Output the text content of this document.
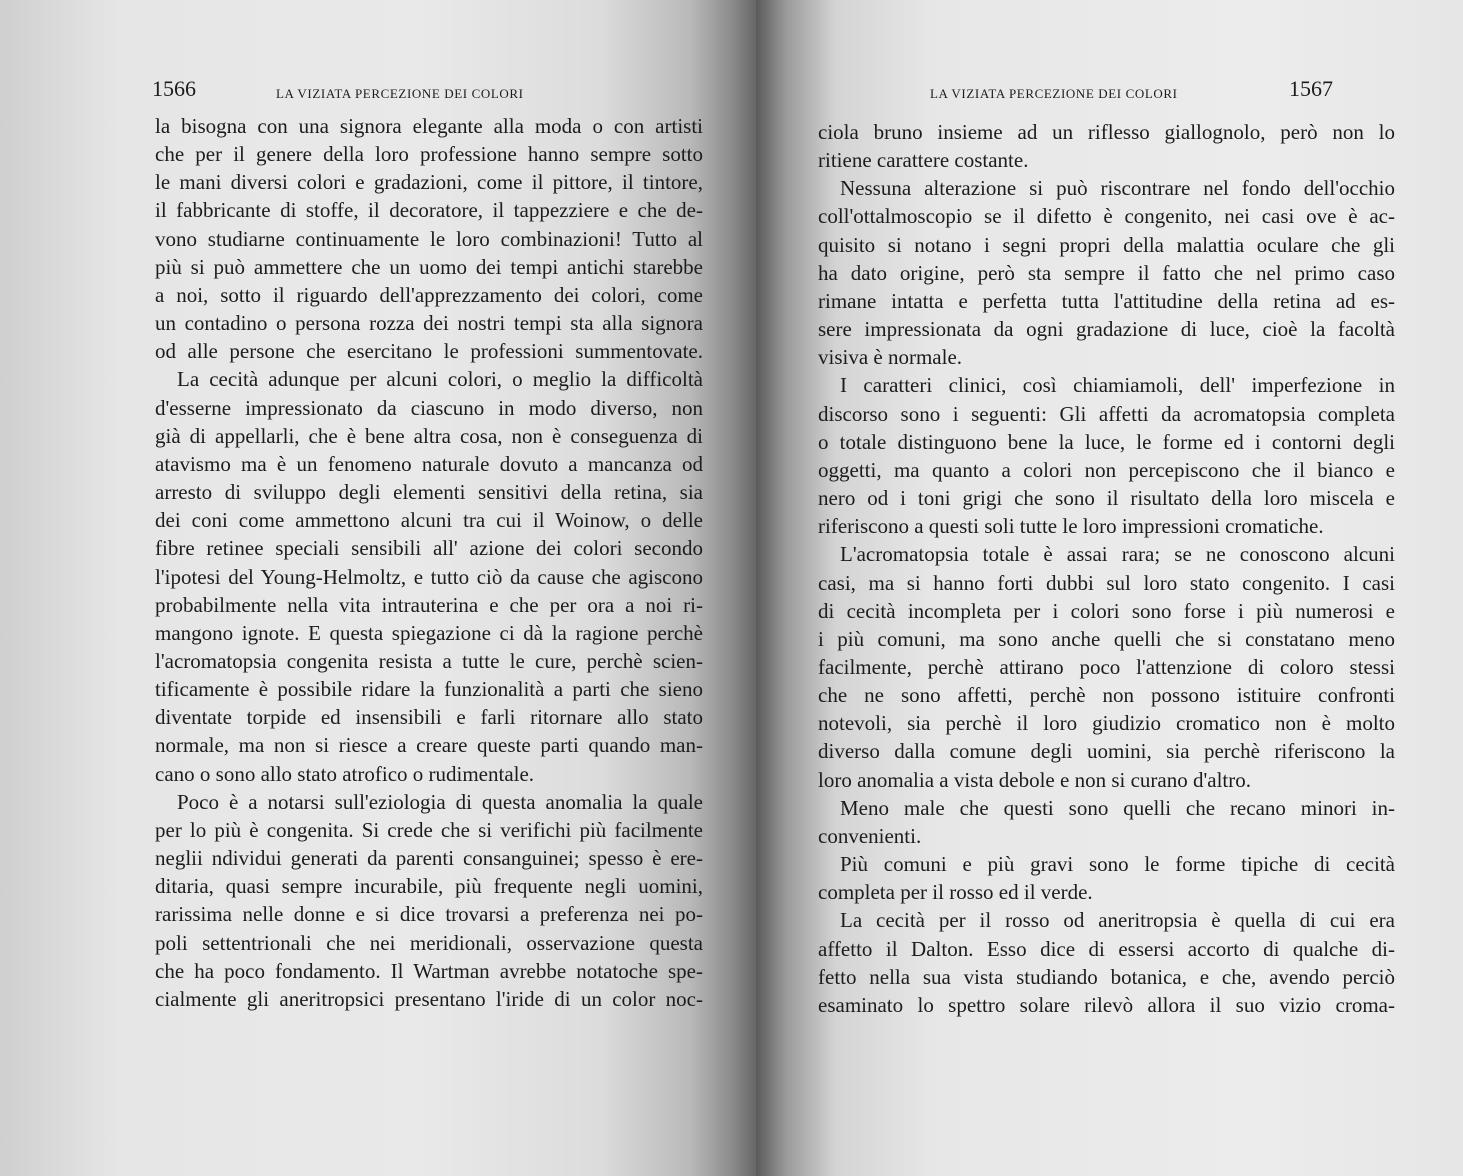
1566	LA VIZIATA PERCEZIONE DEI COLORI
la bisogna con una signora elegante alla moda o con artisti
che per il genere della loro professione hanno sempre sotto
le mani diversi colori e gradazioni, come il pittore, il tintore,
il fabbricante di stoffe, il decoratore, il tappezziere e che de-
vono studiarne continuamente le loro combinazioni! Tutto al
più si può ammettere che un uomo dei tempi antichi starebbe
a noi, sotto il riguardo dell'apprezzamento dei colori, come
un contadino o persona rozza dei nostri tempi sta alla signora
od alle persone che esercitano le professioni summentovate.
La cecità adunque per alcuni colori, o meglio la difficoltà
d'esserne impressionato da ciascuno in modo diverso, non
già di appellarli, che è bene altra cosa, non è conseguenza di
atavismo ma è un fenomeno naturale dovuto a mancanza od
arresto di sviluppo degli elementi sensitivi della retina, sia
dei coni come ammettono alcuni tra cui il Woinow, o delle
fibre retinee speciali sensibili all' azione dei colori secondo
l'ipotesi del Young-Helmoltz, e tutto ciò da cause che agiscono
probabilmente nella vita intrauterina e che per ora a noi ri-
mangono ignote. E questa spiegazione ci dà la ragione perchè
l'acromatopsia congenita resista a tutte le cure, perchè scien-
tificamente è possibile ridare la funzionalità a parti che sieno
diventate torpide ed insensibili e farli ritornare allo stato
normale, ma non si riesce a creare queste parti quando man-
cano o sono allo stato atrofico o rudimentale.
Poco è a notarsi sull'eziologia di questa anomalia la quale
per lo più è congenita. Si crede che si verifichi più facilmente
neglii ndividui generati da parenti consanguinei; spesso è ere-
ditaria, quasi sempre incurabile, più frequente negli uomini,
rarissima nelle donne e si dice trovarsi a preferenza nei po-
poli settentrionali che nei meridionali, osservazione questa
che ha poco fondamento. Il Wartman avrebbe notatoche spe-
cialmente gli aneritropsici presentano l'iride di un color noc-
LA VIZIATA PERCEZIONE DEI COLORI	1567
ciola bruno insieme ad un riflesso giallognolo, però non lo
ritiene carattere costante.
Nessuna alterazione si può riscontrare nel fondo dell'occhio
coll'ottalmoscopio se il difetto è congenito, nei casi ove è ac-
quisito si notano i segni propri della malattia oculare che gli
ha dato origine, però sta sempre il fatto che nel primo caso
rimane intatta e perfetta tutta l'attitudine della retina ad es-
sere impressionata da ogni gradazione di luce, cioè la facoltà
visiva è normale.
I caratteri clinici, così chiamiamoli, dell' imperfezione in
discorso sono i seguenti: Gli affetti da acromatopsia completa
o totale distinguono bene la luce, le forme ed i contorni degli
oggetti, ma quanto a colori non percepiscono che il bianco e
nero od i toni grigi che sono il risultato della loro miscela e
riferiscono a questi soli tutte le loro impressioni cromatiche.
L'acromatopsia totale è assai rara; se ne conoscono alcuni
casi, ma si hanno forti dubbi sul loro stato congenito. I casi
di cecità incompleta per i colori sono forse i più numerosi e
i più comuni, ma sono anche quelli che si constatano meno
facilmente, perchè attirano poco l'attenzione di coloro stessi
che ne sono affetti, perchè non possono istituire confronti
notevoli, sia perchè il loro giudizio cromatico non è molto
diverso dalla comune degli uomini, sia perchè riferiscono la
loro anomalia a vista debole e non si curano d'altro.
Meno male che questi sono quelli che recano minori in-
convenienti.
Più comuni e più gravi sono le forme tipiche di cecità
completa per il rosso ed il verde.
La cecità per il rosso od aneritropsia è quella di cui era
affetto il Dalton. Esso dice di essersi accorto di qualche di-
fetto nella sua vista studiando botanica, e che, avendo perciò
esaminato lo spettro solare rilevò allora il suo vizio croma-
